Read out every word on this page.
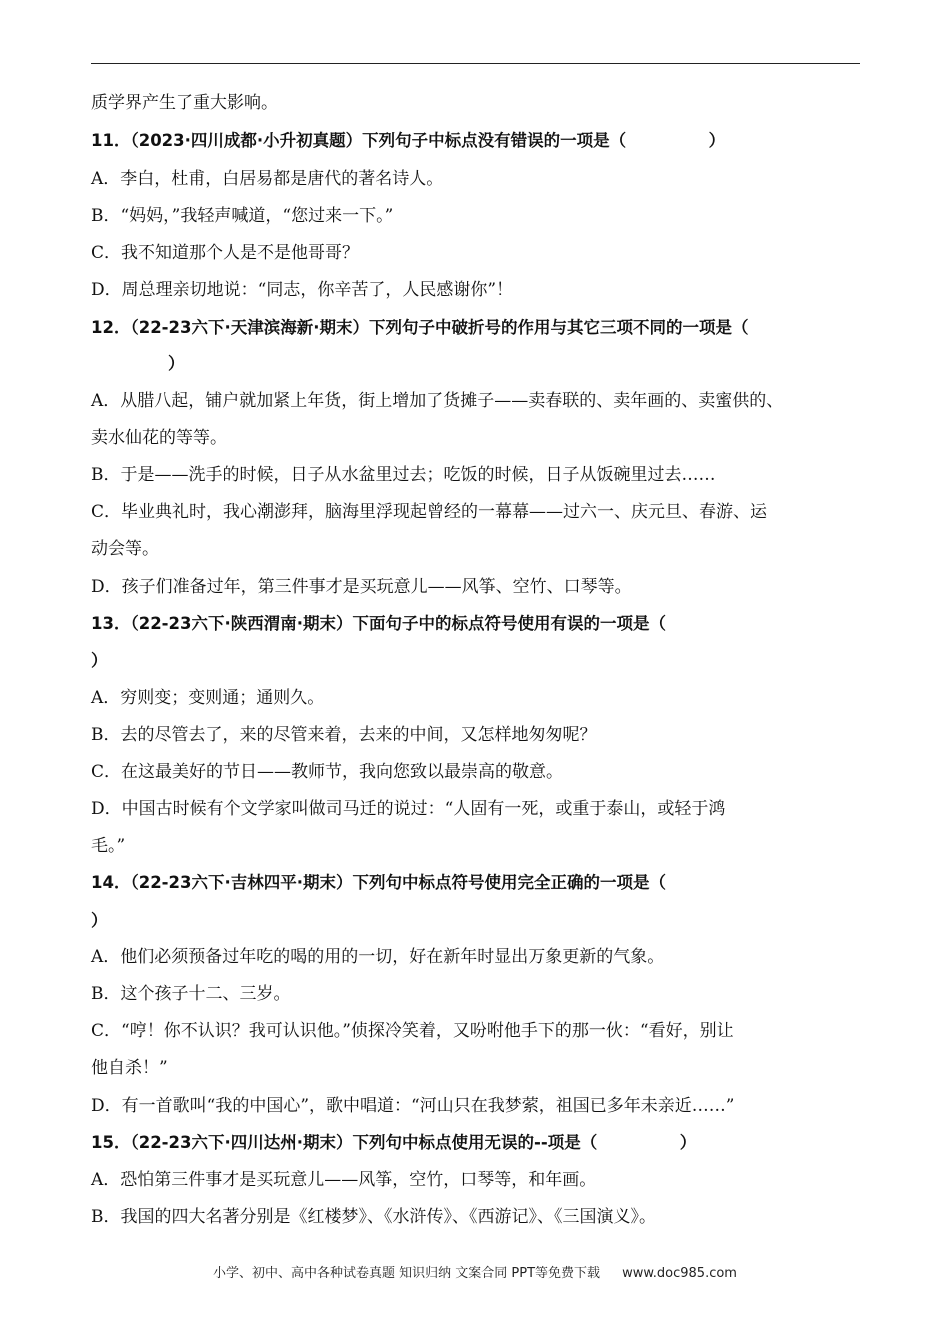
质学界产生了重大影响。
11．（2023·四川成都·小升初真题）下列句子中标点没有错误的一项是（　　　　　）
A．李白，杜甫，白居易都是唐代的著名诗人。
B．“妈妈，”我轻声喊道，“您过来一下。”
C．我不知道那个人是不是他哥哥？
D．周总理亲切地说：“同志，你辛苦了，人民感谢你”！
12．（22-23六下·天津滨海新·期末）下列句子中破折号的作用与其它三项不同的一项是（
）
A．从腊八起，铺户就加紧上年货，街上增加了货摊子——卖春联的、卖年画的、卖蜜供的、
卖水仙花的等等。
B．于是——洗手的时候，日子从水盆里过去；吃饭的时候，日子从饭碗里过去……
C．毕业典礼时，我心潮澎拜，脑海里浮现起曾经的一幕幕——过六一、庆元旦、春游、运
动会等。
D．孩子们准备过年，第三件事才是买玩意儿——风筝、空竹、口琴等。
13．（22-23六下·陕西渭南·期末）下面句子中的标点符号使用有误的一项是（
）
A．穷则变；变则通；通则久。
B．去的尽管去了，来的尽管来着，去来的中间，又怎样地匆匆呢？
C．在这最美好的节日——教师节，我向您致以最崇高的敬意。
D．中国古时候有个文学家叫做司马迁的说过：“人固有一死，或重于泰山，或轻于鸿
毛。”
14．（22-23六下·吉林四平·期末）下列句中标点符号使用完全正确的一项是（
）
A．他们必须预备过年吃的喝的用的一切，好在新年时显出万象更新的气象。
B．这个孩子十二、三岁。
C．“哼！你不认识？我可认识他。”侦探冷笑着，又吩咐他手下的那一伙：“看好，别让
他自杀！”
D．有一首歌叫“我的中国心”，歌中唱道：“河山只在我梦萦，祖国已多年未亲近……”
15．（22-23六下·四川达州·期末）下列句中标点使用无误的--项是（　　　　　）
A．恐怕第三件事才是买玩意儿——风筝，空竹，口琴等，和年画。
B．我国的四大名著分别是《红楼梦》、《水浒传》、《西游记》、《三国演义》。
小学、初中、高中各种试卷真题 知识归纳 文案合同 PPT等免费下载 www.doc985.com
